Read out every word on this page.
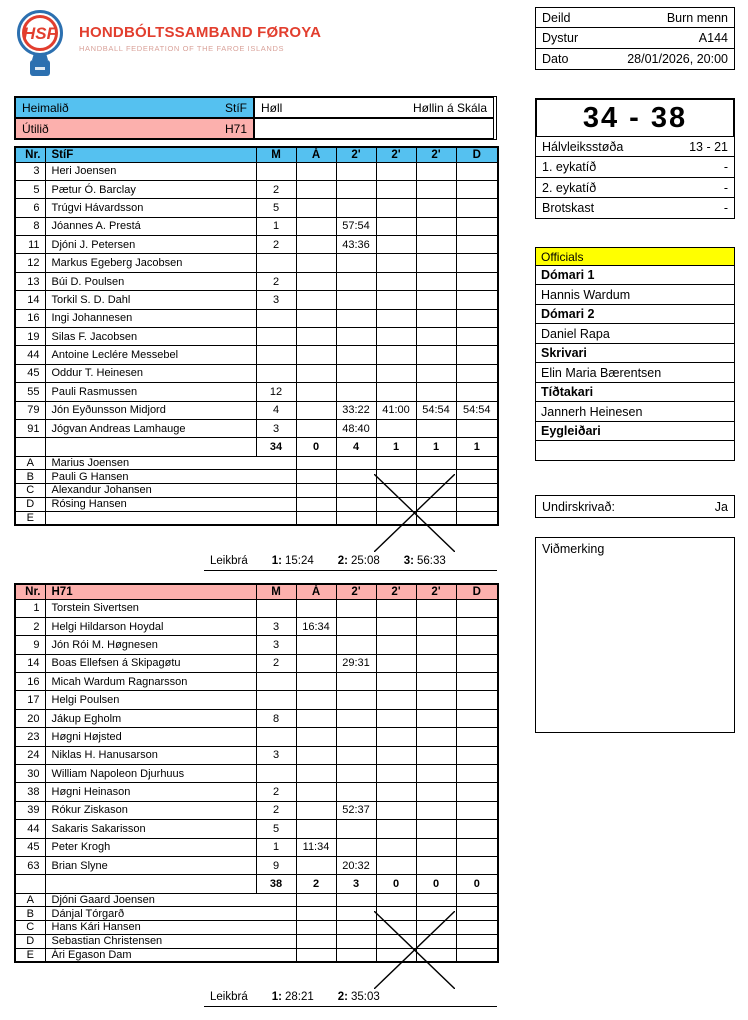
HSF HONDBÓLTSSAMBAND FØROYA
HANDBALL FEDERATION OF THE FAROE ISLANDS
Heimalið	StíF Høll	Høllin á Skála
Útilið	H71
Nr.	StíF	M	Á	2'	2'	2'	D
3	Heri Joensen						
5	Pætur Ó. Barclay	2					
6	Trúgvi Hávardsson	5					
8	Jóannes A. Prestá	1		57:54			
11	Djóni J. Petersen	2		43:36			
12	Markus Egeberg Jacobsen						
13	Búi D. Poulsen	2					
14	Torkil S. D. Dahl	3					
16	Ingi Johannesen						
19	Silas F. Jacobsen						
44	Antoine Leclére Messebel						
45	Oddur T. Heinesen						
55	Pauli Rasmussen	12					
79	Jón Eyðunsson Midjord	4		33:22	41:00	54:54	54:54
91	Jógvan Andreas Lamhauge	3		48:40			
		34	0	4	1	1	1
A	Marius Joensen						
B	Pauli G Hansen						
C	Alexandur Johansen						
D	Rósing Hansen						
E							
Leikbrá 1: 15:24 2: 25:08 3: 56:33
Nr.	H71	M	Á	2'	2'	2'	D
1	Torstein Sivertsen						
2	Helgi Hildarson Hoydal	3	16:34				
9	Jón Rói M. Høgnesen	3					
14	Boas Ellefsen á Skipagøtu	2		29:31			
16	Micah Wardum Ragnarsson						
17	Helgi Poulsen						
20	Jákup Egholm	8					
23	Høgni Højsted						
24	Niklas H. Hanusarson	3					
30	William Napoleon Djurhuus						
38	Høgni Heinason	2					
39	Rókur Ziskason	2		52:37			
44	Sakaris Sakarisson	5					
45	Peter Krogh	1	11:34				
63	Brian Slyne	9		20:32			
		38	2	3	0	0	0
A	Djóni Gaard Joensen						
B	Dánjal Tórgarð						
C	Hans Kári Hansen						
D	Sebastian Christensen						
E	Ári Egason Dam						
Leikbrá 1: 28:21 2: 35:03
Deild	Burn menn
Dystur	A144
Dato	28/01/2026, 20:00
34 - 38
Hálvleiksstøða	13 - 21
1. eykatíð	-
2. eykatíð	-
Brotskast	-
Officials
Dómari 1
Hannis Wardum
Dómari 2
Daniel Rapa
Skrivari
Elin Maria Bærentsen
Tíðtakari
Jannerh Heinesen
Eygleiðari
Undirskrivað:	Ja
Viðmerking
